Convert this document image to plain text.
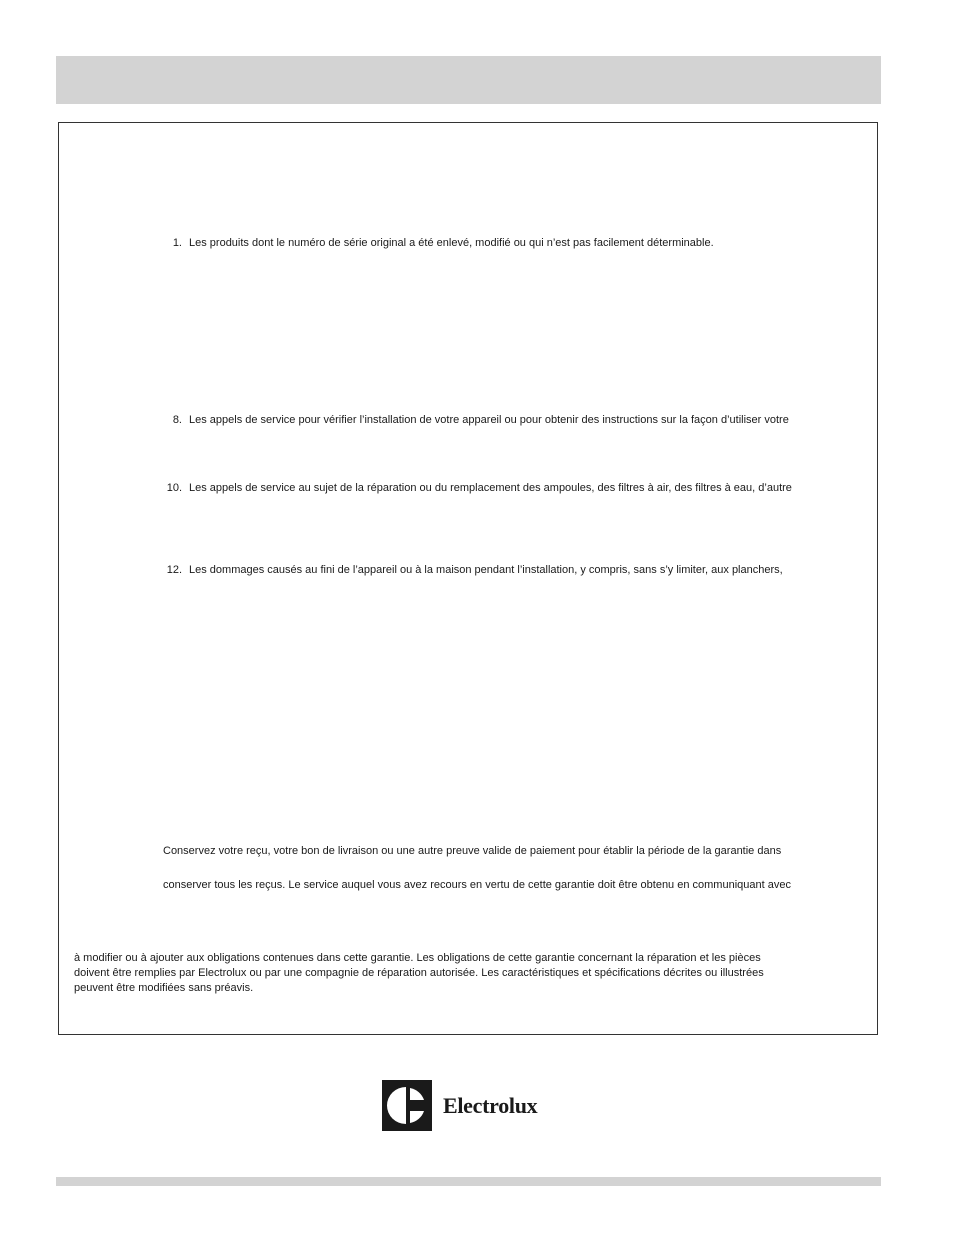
1. Les produits dont le numéro de série original a été enlevé, modifié ou qui n’est pas facilement déterminable.
8. Les appels de service pour vérifier l’installation de votre appareil ou pour obtenir des instructions sur la façon d’utiliser votre
10. Les appels de service au sujet de la réparation ou du remplacement des ampoules, des filtres à air, des filtres à eau, d’autre
12. Les dommages causés au fini de l’appareil ou à la maison pendant l’installation, y compris, sans s’y limiter, aux planchers,
Conservez votre reçu, votre bon de livraison ou une autre preuve valide de paiement pour établir la période de la garantie dans
conserver tous les reçus. Le service auquel vous avez recours en vertu de cette garantie doit être obtenu en communiquant avec
à modifier ou à ajouter aux obligations contenues dans cette garantie. Les obligations de cette garantie concernant la réparation et les pièces
doivent être remplies par Electrolux ou par une compagnie de réparation autorisée. Les caractéristiques et spécifications décrites ou illustrées
peuvent être modifiées sans préavis.
Electrolux
